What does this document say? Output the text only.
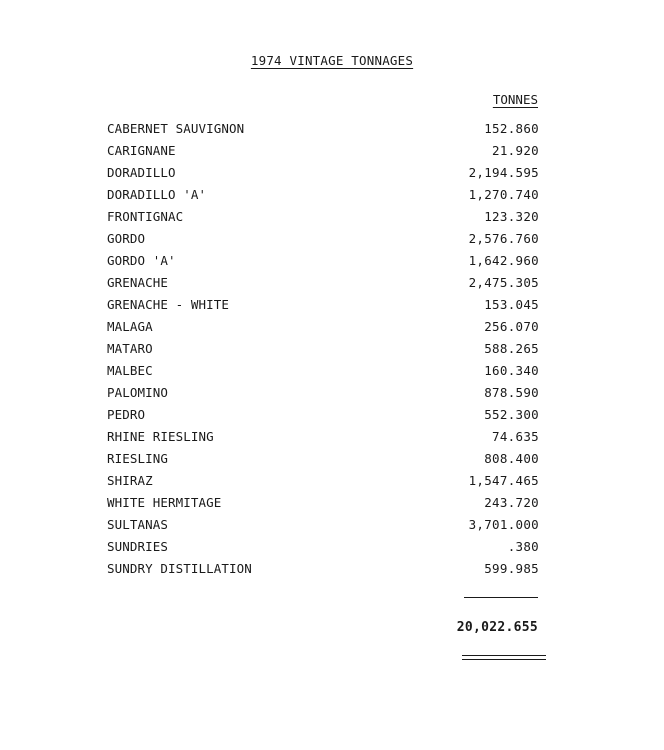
1974 VINTAGE TONNAGES
TONNES
CABERNET SAUVIGNON	152.860
CARIGNANE	21.920
DORADILLO	2,194.595
DORADILLO 'A'	1,270.740
FRONTIGNAC	123.320
GORDO	2,576.760
GORDO 'A'	1,642.960
GRENACHE	2,475.305
GRENACHE - WHITE	153.045
MALAGA	256.070
MATARO	588.265
MALBEC	160.340
PALOMINO	878.590
PEDRO	552.300
RHINE RIESLING	74.635
RIESLING	808.400
SHIRAZ	1,547.465
WHITE HERMITAGE	243.720
SULTANAS	3,701.000
SUNDRIES	.380
SUNDRY DISTILLATION	599.985
20,022.655
